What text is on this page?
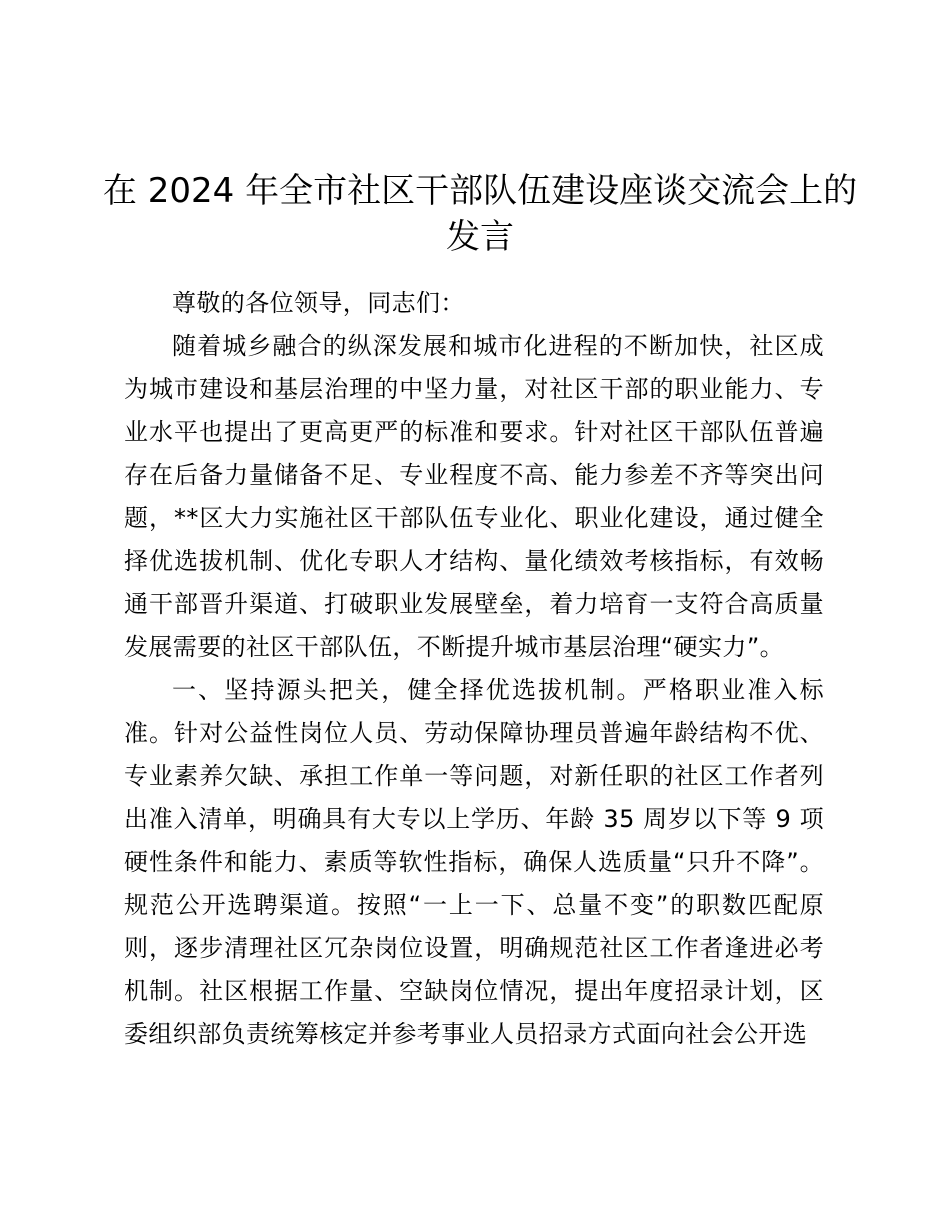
在 2024 年全市社区干部队伍建设座谈交流会上的发言

尊敬的各位领导，同志们：

随着城乡融合的纵深发展和城市化进程的不断加快，社区成为城市建设和基层治理的中坚力量，对社区干部的职业能力、专业水平也提出了更高更严的标准和要求。针对社区干部队伍普遍存在后备力量储备不足、专业程度不高、能力参差不齐等突出问题，**区大力实施社区干部队伍专业化、职业化建设，通过健全择优选拔机制、优化专职人才结构、量化绩效考核指标，有效畅通干部晋升渠道、打破职业发展壁垒，着力培育一支符合高质量发展需要的社区干部队伍，不断提升城市基层治理“硬实力”。

一、坚持源头把关，健全择优选拔机制。严格职业准入标准。针对公益性岗位人员、劳动保障协理员普遍年龄结构不优、专业素养欠缺、承担工作单一等问题，对新任职的社区工作者列出准入清单，明确具有大专以上学历、年龄 35 周岁以下等 9 项硬性条件和能力、素质等软性指标，确保人选质量“只升不降”。规范公开选聘渠道。按照“一上一下、总量不变”的职数匹配原则，逐步清理社区冗杂岗位设置，明确规范社区工作者逢进必考机制。社区根据工作量、空缺岗位情况，提出年度招录计划，区委组织部负责统筹核定并参考事业人员招录方式面向社会公开选
